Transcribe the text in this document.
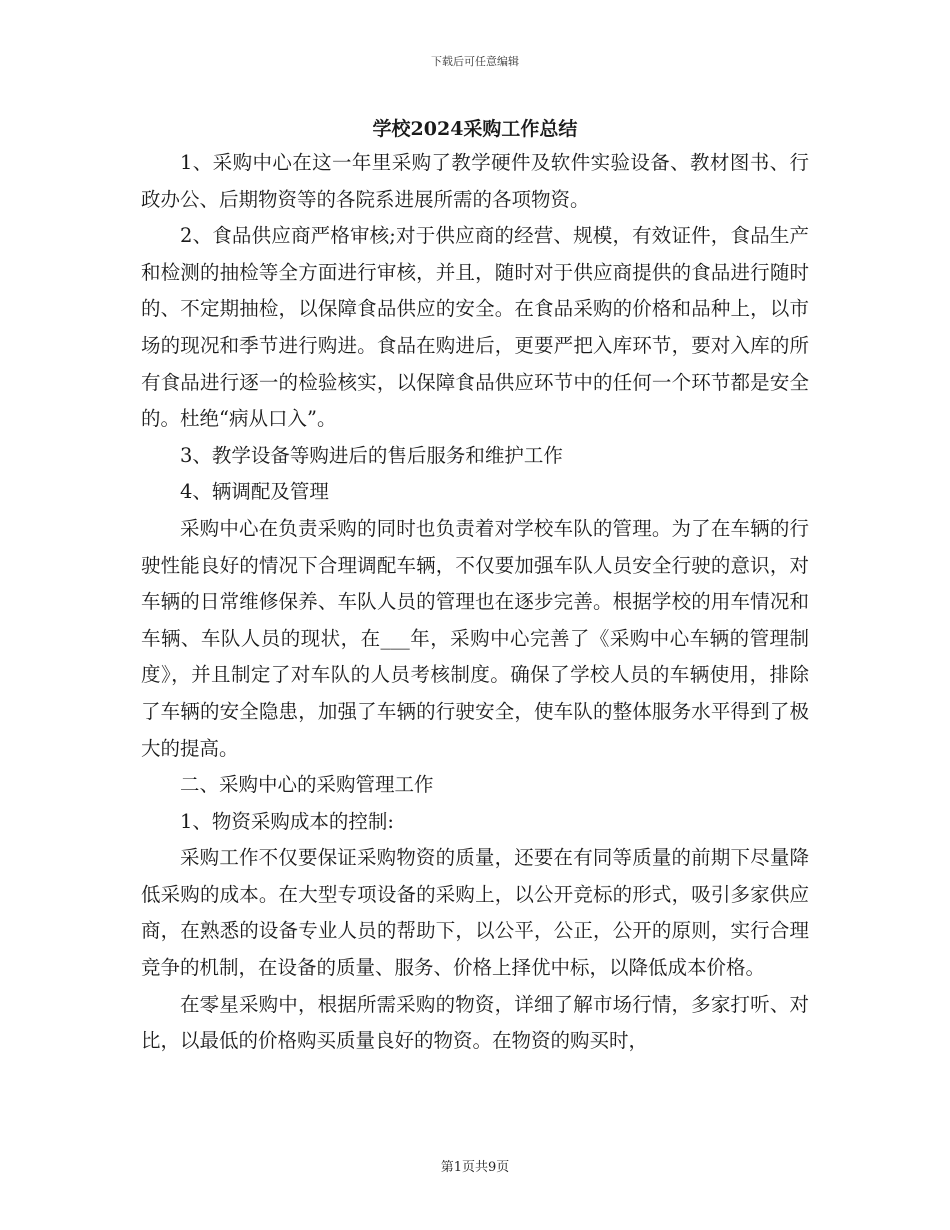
下载后可任意编辑
学校2024采购工作总结

1、采购中心在这一年里采购了教学硬件及软件实验设备、教材图书、行政办公、后期物资等的各院系进展所需的各项物资。

2、食品供应商严格审核;对于供应商的经营、规模，有效证件，食品生产和检测的抽检等全方面进行审核，并且，随时对于供应商提供的食品进行随时的、不定期抽检，以保障食品供应的安全。在食品采购的价格和品种上，以市场的现况和季节进行购进。食品在购进后，更要严把入库环节，要对入库的所有食品进行逐一的检验核实，以保障食品供应环节中的任何一个环节都是安全的。杜绝“病从口入”。

3、教学设备等购进后的售后服务和维护工作

4、辆调配及管理

采购中心在负责采购的同时也负责着对学校车队的管理。为了在车辆的行驶性能良好的情况下合理调配车辆，不仅要加强车队人员安全行驶的意识，对车辆的日常维修保养、车队人员的管理也在逐步完善。根据学校的用车情况和车辆、车队人员的现状，在___年，采购中心完善了《采购中心车辆的管理制度》，并且制定了对车队的人员考核制度。确保了学校人员的车辆使用，排除了车辆的安全隐患，加强了车辆的行驶安全，使车队的整体服务水平得到了极大的提高。

二、采购中心的采购管理工作

1、物资采购成本的控制:

采购工作不仅要保证采购物资的质量，还要在有同等质量的前期下尽量降低采购的成本。在大型专项设备的采购上，以公开竞标的形式，吸引多家供应商，在熟悉的设备专业人员的帮助下，以公平，公正，公开的原则，实行合理竞争的机制，在设备的质量、服务、价格上择优中标，以降低成本价格。

在零星采购中，根据所需采购的物资，详细了解市场行情，多家打听、对比，以最低的价格购买质量良好的物资。在物资的购买时，

第1页共9页
